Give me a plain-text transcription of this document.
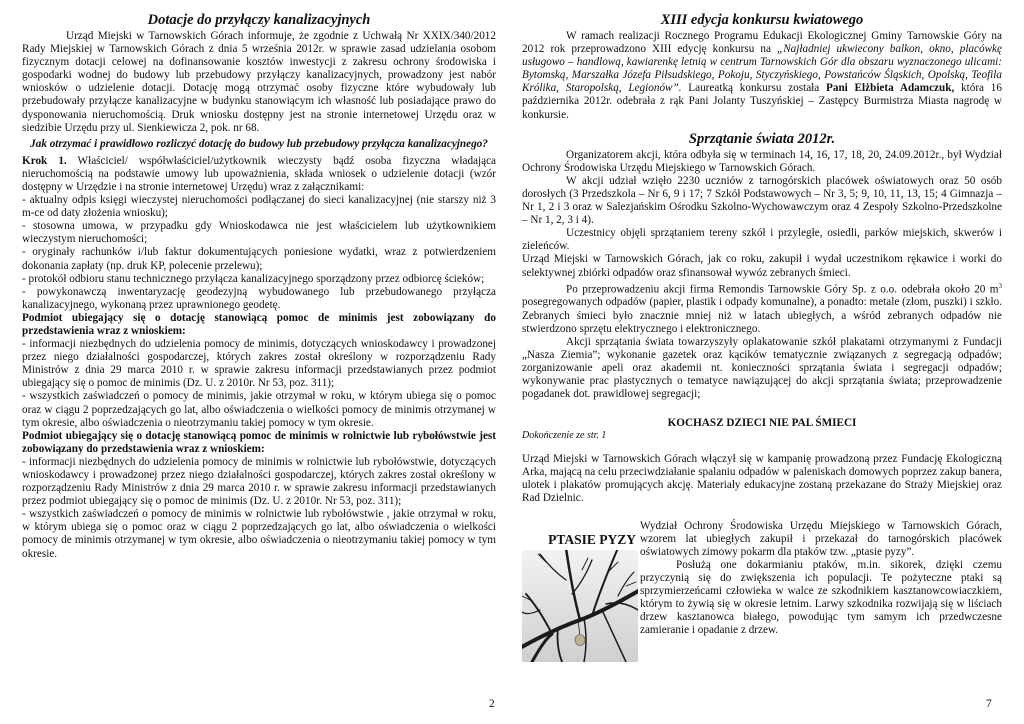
Dotacje do przyłączy kanalizacyjnych

Urząd Miejski w Tarnowskich Górach informuje, że zgodnie z Uchwałą Nr XXIX/340/2012 Rady Miejskiej w Tarnowskich Górach z dnia 5 września 2012r. w sprawie zasad udzielania osobom fizycznym dotacji celowej na dofinansowanie kosztów inwestycji z zakresu ochrony środowiska i gospodarki wodnej do budowy lub przebudowy przyłączy kanalizacyjnych, prowadzony jest nabór wniosków o udzielenie dotacji. Dotację mogą otrzymać osoby fizyczne które wybudowały lub przebudowały przyłącze kanalizacyjne w budynku stanowiącym ich własność lub posiadające prawo do dysponowania nieruchomością. Druk wniosku dostępny jest na stronie internetowej Urzędu oraz w siedzibie Urzędu przy ul. Sienkiewicza 2, pok. nr 68.

Jak otrzymać i prawidłowo rozliczyć dotację do budowy lub przebudowy przyłącza kanalizacyjnego?

Krok 1. Właściciel/ współwłaściciel/użytkownik wieczysty bądź osoba fizyczna władająca nieruchomością na podstawie umowy lub upoważnienia, składa wniosek o udzielenie dotacji (wzór dostępny w Urzędzie i na stronie internetowej Urzędu) wraz z załącznikami:

- aktualny odpis księgi wieczystej nieruchomości podłączanej do sieci kanalizacyjnej (nie starszy niż 3 m-ce od daty złożenia wniosku);

- stosowna umowa, w przypadku gdy Wnioskodawca nie jest właścicielem lub użytkownikiem wieczystym nieruchomości;

- oryginały rachunków i/lub faktur dokumentujących poniesione wydatki, wraz z potwierdzeniem dokonania zapłaty (np. druk KP, polecenie przelewu);

- protokół odbioru stanu technicznego przyłącza kanalizacyjnego sporządzony przez odbiorcę ścieków;

- powykonawczą inwentaryzację geodezyjną wybudowanego lub przebudowanego przyłącza kanalizacyjnego, wykonaną przez uprawnionego geodetę.

Podmiot ubiegający się o dotację stanowiącą pomoc de minimis jest zobowiązany do przedstawienia wraz z wnioskiem:

- informacji niezbędnych do udzielenia pomocy de minimis, dotyczących wnioskodawcy i prowadzonej przez niego działalności gospodarczej, których zakres został określony w rozporządzeniu Rady Ministrów z dnia 29 marca 2010 r. w sprawie zakresu informacji przedstawianych przez podmiot ubiegający się o pomoc de minimis (Dz. U. z 2010r. Nr 53, poz. 311);

- wszystkich zaświadczeń o pomocy de minimis, jakie otrzymał w roku, w którym ubiega się o pomoc oraz w ciągu 2 poprzedzających go lat, albo oświadczenia o wielkości pomocy de minimis otrzymanej w tym okresie, albo oświadczenia o nieotrzymaniu takiej pomocy w tym okresie.

Podmiot ubiegający się o dotację stanowiącą pomoc de minimis w rolnictwie lub rybołówstwie jest zobowiązany do przedstawienia wraz z wnioskiem:

- informacji niezbędnych do udzielenia pomocy de minimis w rolnictwie lub rybołówstwie, dotyczących wnioskodawcy i prowadzonej przez niego działalności gospodarczej, których zakres został określony w rozporządzeniu Rady Ministrów z dnia 29 marca 2010 r. w sprawie zakresu informacji przedstawianych przez podmiot ubiegający się o pomoc de minimis (Dz. U. z 2010r. Nr 53, poz. 311);

- wszystkich zaświadczeń o pomocy de minimis w rolnictwie lub rybołówstwie , jakie otrzymał w roku, w którym ubiega się o pomoc oraz w ciągu 2 poprzedzających go lat, albo oświadczenia o wielkości pomocy de minimis otrzymanej w tym okresie, albo oświadczenia o nieotrzymaniu takiej pomocy w tym okresie.

2
XIII edycja konkursu kwiatowego

W ramach realizacji Rocznego Programu Edukacji Ekologicznej Gminy Tarnowskie Góry na 2012 rok przeprowadzono XIII edycję konkursu na „Najładniej ukwiecony balkon, okno, placówkę usługowo – handlową, kawiarenkę letnią w centrum Tarnowskich Gór dla obszaru wyznaczonego ulicami: Bytomską, Marszałka Józefa Piłsudskiego, Pokoju, Styczyńskiego, Powstańców Śląskich, Opolską, Teofila Królika, Staropolską, Legionów”. Laureatką konkursu została Pani Elżbieta Adamczuk, która 16 października 2012r. odebrała z rąk Pani Jolanty Tuszyńskiej – Zastępcy Burmistrza Miasta nagrodę w konkursie.

Sprzątanie świata 2012r.

Organizatorem akcji, która odbyła się w terminach 14, 16, 17, 18, 20, 24.09.2012r., był Wydział Ochrony Środowiska Urzędu Miejskiego w Tarnowskich Górach.

W akcji udział wzięło 2230 uczniów z tarnogórskich placówek oświatowych oraz 50 osób dorosłych (3 Przedszkola – Nr 6, 9 i 17; 7 Szkół Podstawowych – Nr 3, 5; 9, 10, 11, 13, 15; 4 Gimnazja – Nr 1, 2 i 3 oraz w Salezjańskim Ośrodku Szkolno-Wychowawczym oraz 4 Zespoły Szkolno-Przedszkolne – Nr 1, 2, 3 i 4).

Uczestnicy objęli sprzątaniem tereny szkół i przyległe, osiedli, parków miejskich, skwerów i zieleńców.

Urząd Miejski w Tarnowskich Górach, jak co roku, zakupił i wydał uczestnikom rękawice i worki do selektywnej zbiórki odpadów oraz sfinansował wywóz zebranych śmieci.

Po przeprowadzeniu akcji firma Remondis Tarnowskie Góry Sp. z o.o. odebrała około 20 $m^3$ posegregowanych odpadów (papier, plastik i odpady komunalne), a ponadto: metale (złom, puszki) i szkło. Zebranych śmieci było znacznie mniej niż w latach ubiegłych, a wśród zebranych odpadów nie stwierdzono sprzętu elektrycznego i elektronicznego.

Akcji sprzątania świata towarzyszyły oplakatowanie szkół plakatami otrzymanymi z Fundacji „Nasza Ziemia”; wykonanie gazetek oraz kącików tematycznie związanych z segregacją odpadów; zorganizowanie apeli oraz akademii nt. konieczności sprzątania świata i segregacji odpadów; wykonywanie prac plastycznych o tematyce nawiązującej do akcji sprzątania świata; przeprowadzenie pogadanek dot. prawidłowej segregacji;

KOCHASZ DZIECI NIE PAL ŚMIECI
Dokończenie ze str. 1

Urząd Miejski w Tarnowskich Górach włączył się w kampanię prowadzoną przez Fundację Ekologiczną Arka, mającą na celu przeciwdziałanie spalaniu odpadów w paleniskach domowych poprzez zakup banera, ulotek i plakatów promujących akcję. Materiały edukacyjne zostaną przekazane do Straży Miejskiej oraz Rad Dzielnic.

PTASIE PYZY

Wydział Ochrony Środowiska Urzędu Miejskiego w Tarnowskich Górach, wzorem lat ubiegłych zakupił i przekazał do tarnogórskich placówek oświatowych zimowy pokarm dla ptaków tzw. „ptasie pyzy”.

Posłużą one dokarmianiu ptaków, m.in. sikorek, dzięki czemu przyczynią się do zwiększenia ich populacji. Te pożyteczne ptaki są sprzymierzeńcami człowieka w walce ze szkodnikiem kasztanowcowiaczkiem, którym to żywią się w okresie letnim. Larwy szkodnika rozwijają się w liściach drzew kasztanowca białego, powodując tym samym ich przedwczesne zamieranie i opadanie z drzew.

7
